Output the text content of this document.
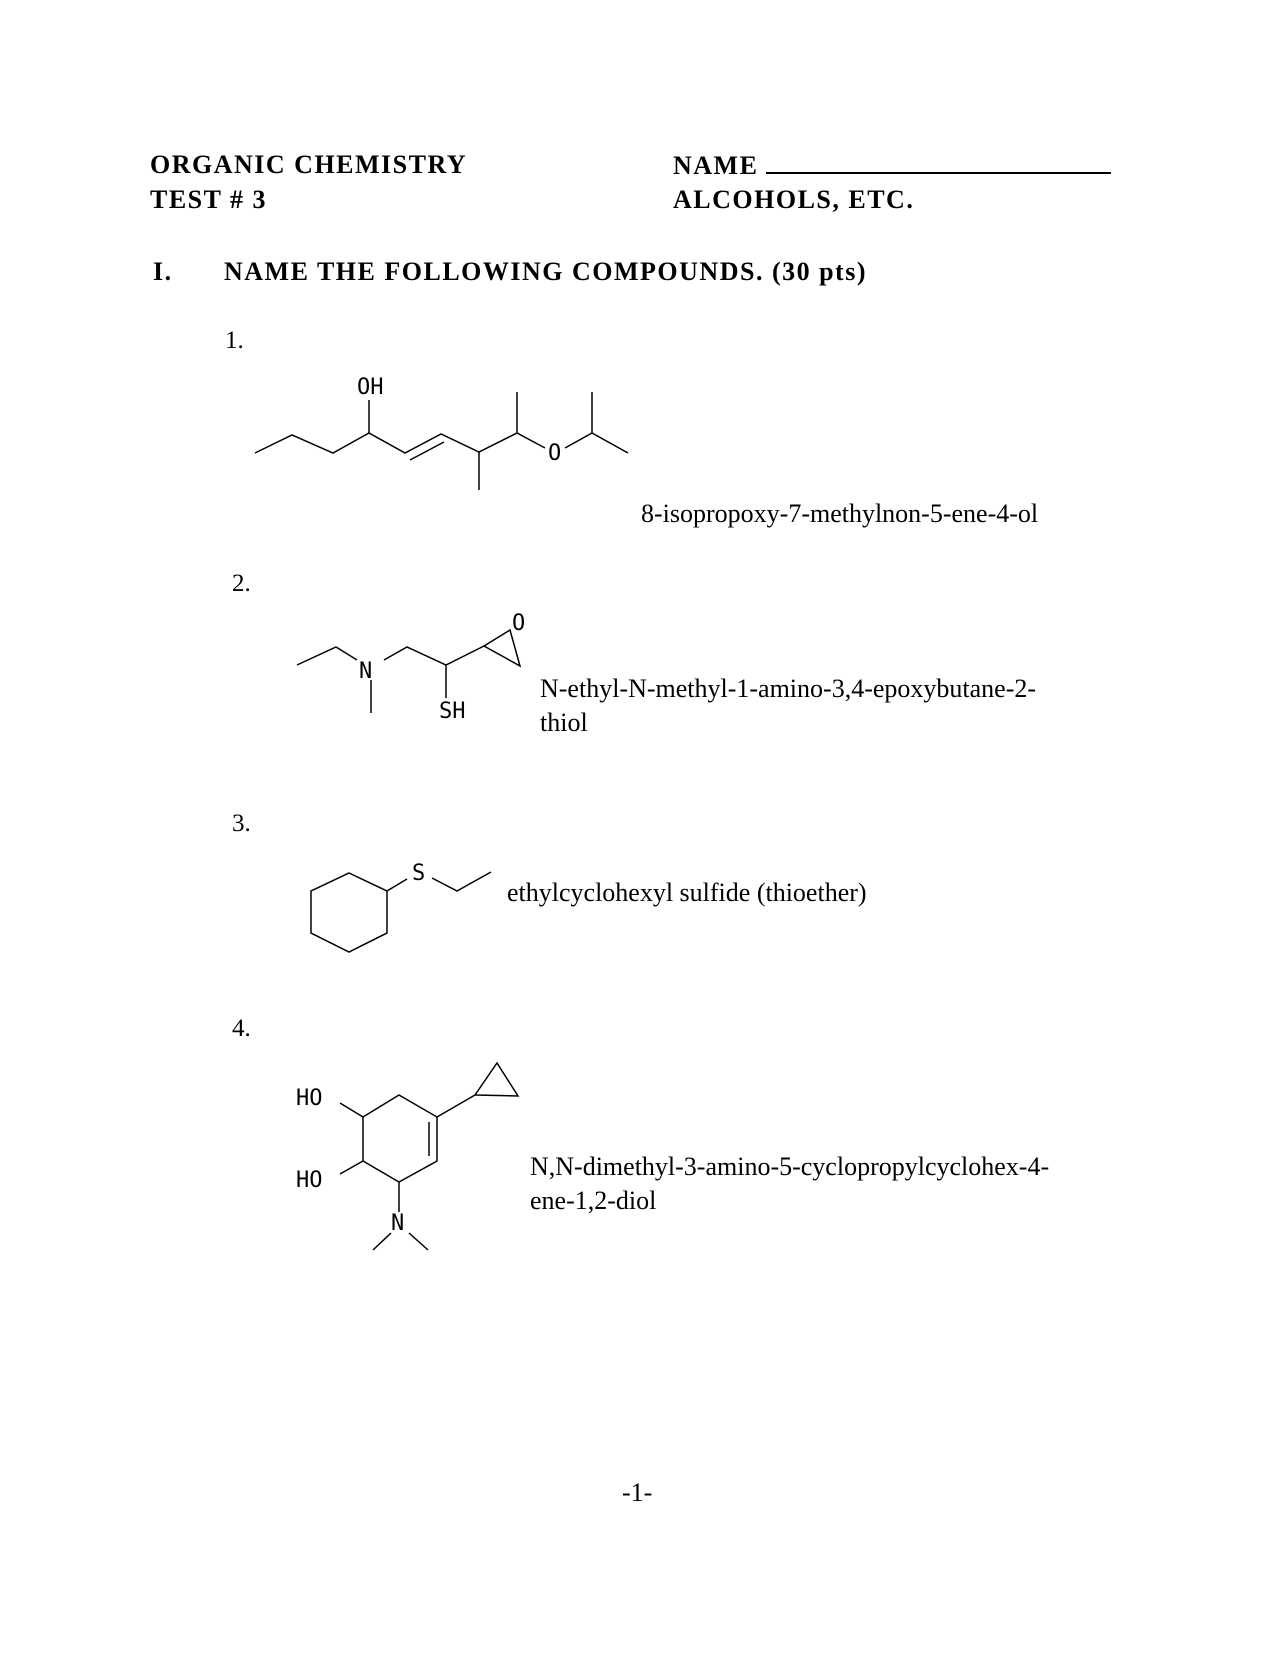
ORGANIC CHEMISTRY
TEST # 3
NAME
ALCOHOLS, ETC.
I. NAME THE FOLLOWING COMPOUNDS. (30 pts)
1.
OH
O
8-isopropoxy-7-methylnon-5-ene-4-ol
2.
N
SH
O
N-ethyl-N-methyl-1-amino-3,4-epoxybutane-2-
thiol
3.
S
ethylcyclohexyl sulfide (thioether)
4.
HO
HO
N
N,N-dimethyl-3-amino-5-cyclopropylcyclohex-4-
ene-1,2-diol
-1-
